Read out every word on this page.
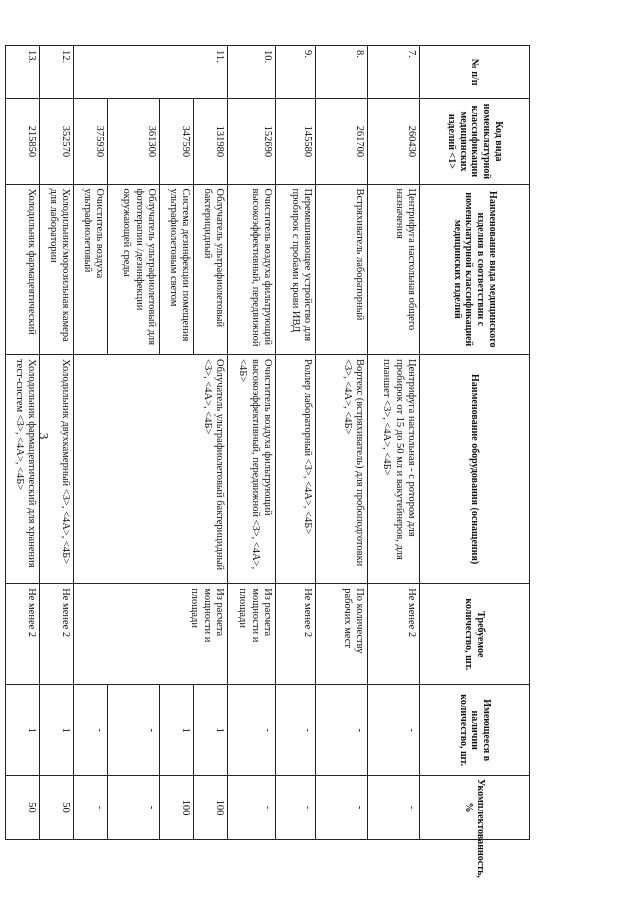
3
№ п/п	Код вида номенклатурной классификации медицинских изделий <1>	Наименование вида медицинского изделия в соответствии с номенклатурной классификацией медицинских изделий	Наименование оборудования (оснащения)	Требуемое количество, шт.	Имеющееся в наличии количество, шт.	Укомплектованность, %
7.	260430	Центрифуга настольная общего назначения	Центрифуга настольная - с ротором для пробирок от 15 до 50 мл и вакутейнеров, для планшет <3>, <4А>, <4Б>	Не менее 2	-	-
8.	261700	Встряхиватель лабораторный	Вортекс (встряхиватель) для пробоподготовки <3>, <4А>, <4Б>	По количеству рабочих мест	-	-
9.	145580	Перемешивающее устройство для пробирок с пробами крови ИВД	Роллер лабораторный <3>, <4А>, <4Б>	Не менее 2	-	-
10.	152690	Очиститель воздуха фильтрующий высокоэффективный, передвижной	Очиститель воздуха фильтрующий высокоэффективный, передвижной <3>, <4А>, <4Б>	Из расчета мощности и площади	-	-
11.	131980	Облучатель ультрафиолетовый бактерицидный	Облучатель ультрафиолетовый бактерицидный <3>, <4А>, <4Б>	Из расчета мощности и площади	1	100
	347590	Система дезинфекции помещения ультрафиолетовым светом			1	100
	361300	Облучатель ультрафиолетовый для фототерапии /дезинфекции окружающей среды			-	-
	375930	Очиститель воздуха ультрафиолетовый			-	-
12.	352570	Холодильник/морозильная камера для лаборатории	Холодильник двухкамерный <3>, <4А>, <4Б>	Не менее 2	1	50
13.	215850	Холодильник фармацевтический	Холодильник фармацевтический для хранения тест-систем <3>, <4А>, <4Б>	Не менее 2	1	50
